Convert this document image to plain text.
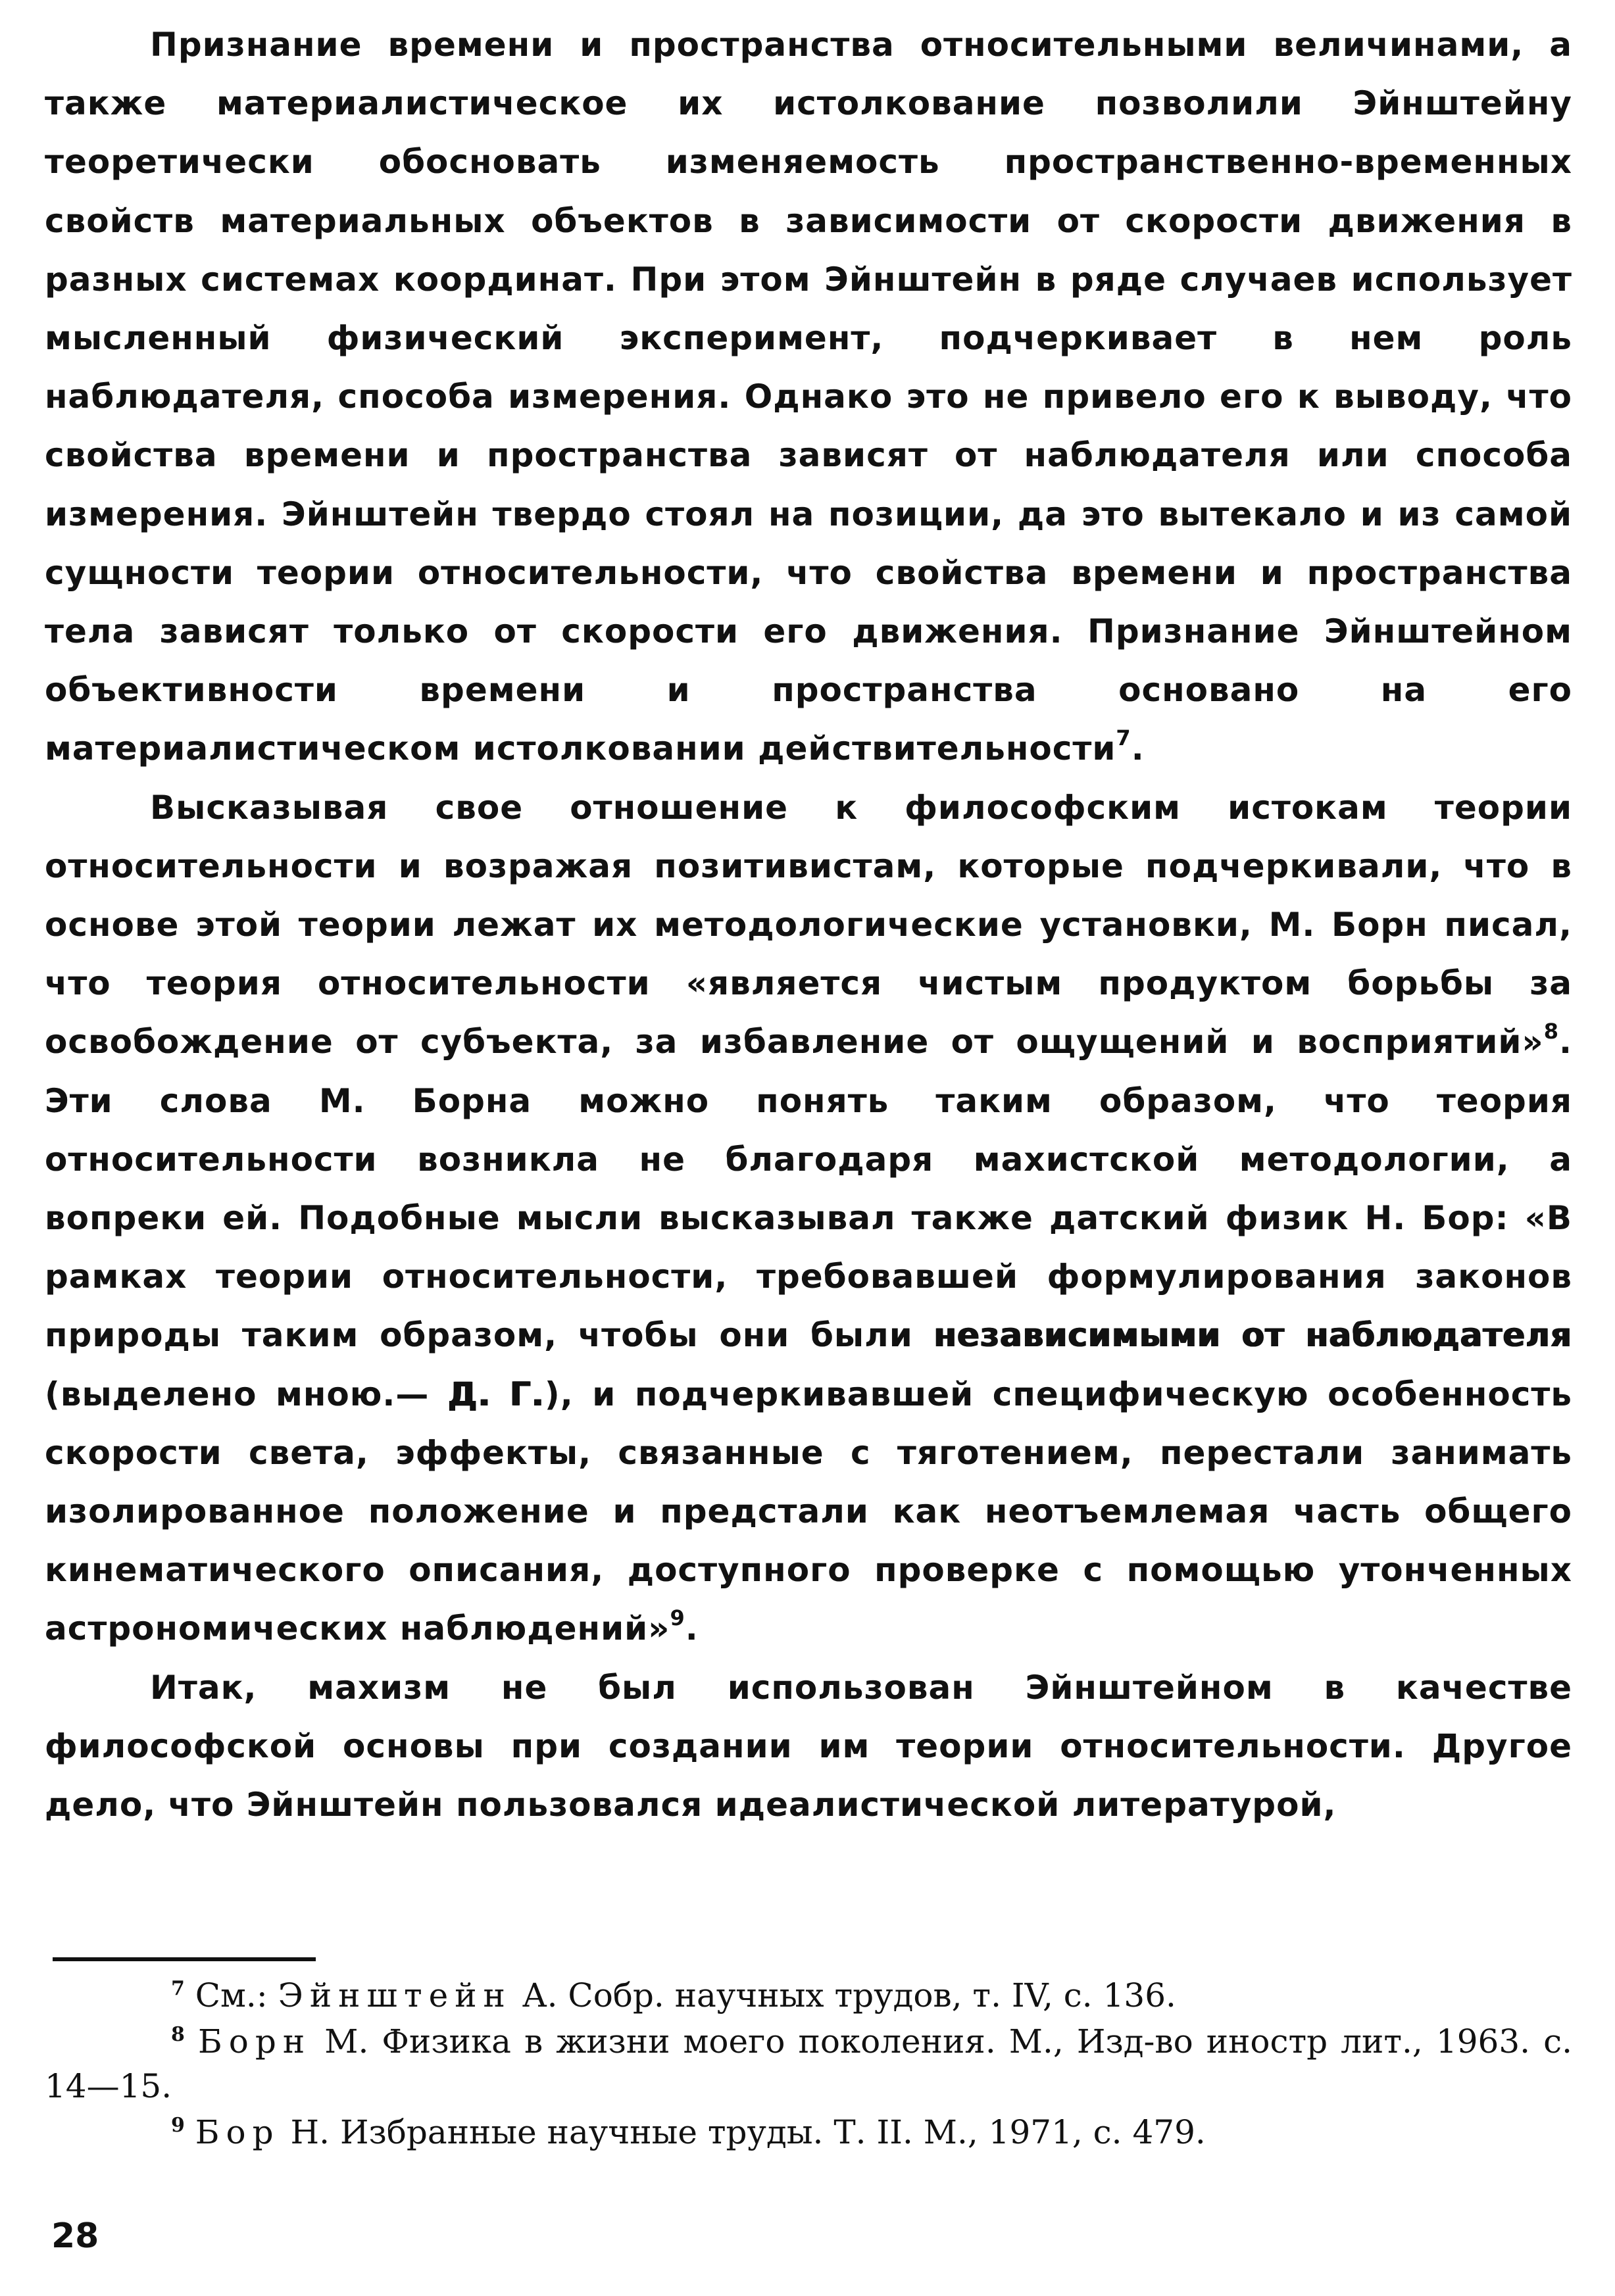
Признание времени и пространства относительными величинами, а также материалистическое их истолкование позволили Эйнштейну теоретически обосновать изменяемость пространственно-временных свойств материальных объектов в зависимости от скорости движения в разных системах координат. При этом Эйнштейн в ряде случаев использует мысленный физический эксперимент, подчеркивает в нем роль наблюдателя, способа измерения. Однако это не привело его к выводу, что свойства времени и пространства зависят от наблюдателя или способа измерения. Эйнштейн твердо стоял на позиции, да это вытекало и из самой сущности теории относительности, что свойства времени и пространства тела зависят только от скорости его движения. Признание Эйнштейном объективности времени и пространства основано на его материалистическом истолковании действительности$^7$.

Высказывая свое отношение к философским истокам теории относительности и возражая позитивистам, которые подчеркивали, что в основе этой теории лежат их методологические установки, М. Борн писал, что теория относительности «является чистым продуктом борьбы за освобождение от субъекта, за избавление от ощущений и восприятий»$^8$. Эти слова М. Борна можно понять таким образом, что теория относительности возникла не благодаря махистской методологии, а вопреки ей. Подобные мысли высказывал также датский физик Н. Бор: «В рамках теории относительности, требовавшей формулирования законов природы таким образом, чтобы они были независимыми от наблюдателя (выделено мною.— Д. Г.), и подчеркивавшей специфическую особенность скорости света, эффекты, связанные с тяготением, перестали занимать изолированное положение и предстали как неотъемлемая часть общего кинематического описания, доступного проверке с помощью утонченных астрономических наблюдений»$^9$.

Итак, махизм не был использован Эйнштейном в качестве философской основы при создании им теории относительности. Другое дело, что Эйнштейн пользовался идеалистической литературой,

$^7$ См.: Эйнштейн А. Собр. научных трудов, т. IV, с. 136.

$^8$ Борн М. Физика в жизни моего поколения. М., Изд-во иностр лит., 1963. с. 14—15.

$^9$ Бор Н. Избранные научные труды. Т. II. М., 1971, с. 479.

28
